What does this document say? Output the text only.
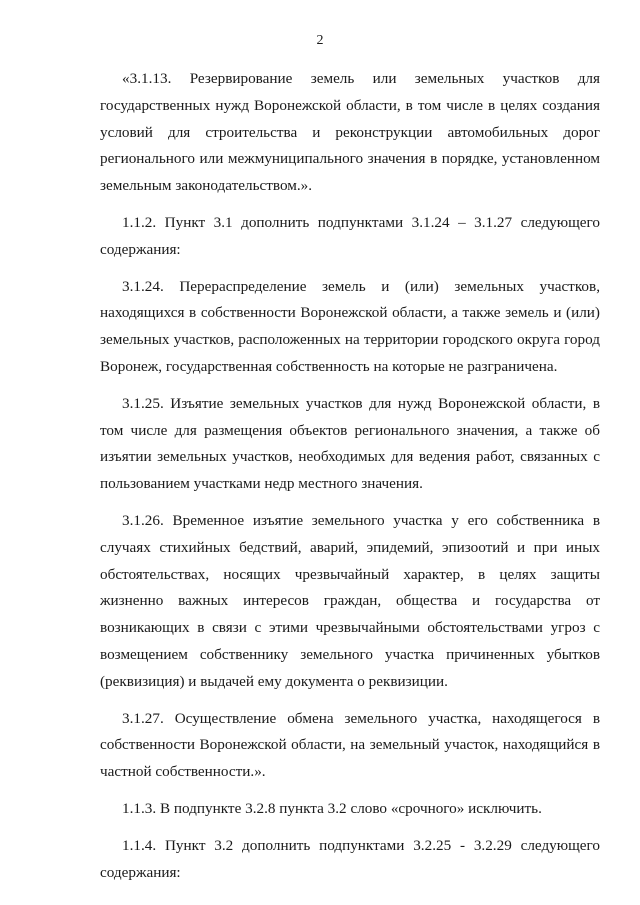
2

«3.1.13. Резервирование земель или земельных участков для государственных нужд Воронежской области, в том числе в целях создания условий для строительства и реконструкции автомобильных дорог регионального или межмуниципального значения в порядке, установленном земельным законодательством.».

1.1.2. Пункт 3.1 дополнить подпунктами 3.1.24 – 3.1.27 следующего содержания:

3.1.24. Перераспределение земель и (или) земельных участков, находящихся в собственности Воронежской области, а также земель и (или) земельных участков, расположенных на территории городского округа город Воронеж, государственная собственность на которые не разграничена.

3.1.25. Изъятие земельных участков для нужд Воронежской области, в том числе для размещения объектов регионального значения, а также об изъятии земельных участков, необходимых для ведения работ, связанных с пользованием участками недр местного значения.

3.1.26. Временное изъятие земельного участка у его собственника в случаях стихийных бедствий, аварий, эпидемий, эпизоотий и при иных обстоятельствах, носящих чрезвычайный характер, в целях защиты жизненно важных интересов граждан, общества и государства от возникающих в связи с этими чрезвычайными обстоятельствами угроз с возмещением собственнику земельного участка причиненных убытков (реквизиция) и выдачей ему документа о реквизиции.

3.1.27. Осуществление обмена земельного участка, находящегося в собственности Воронежской области, на земельный участок, находящийся в частной собственности.».

1.1.3. В подпункте 3.2.8 пункта 3.2 слово «срочного» исключить.

1.1.4. Пункт 3.2 дополнить подпунктами 3.2.25 - 3.2.29 следующего содержания:
